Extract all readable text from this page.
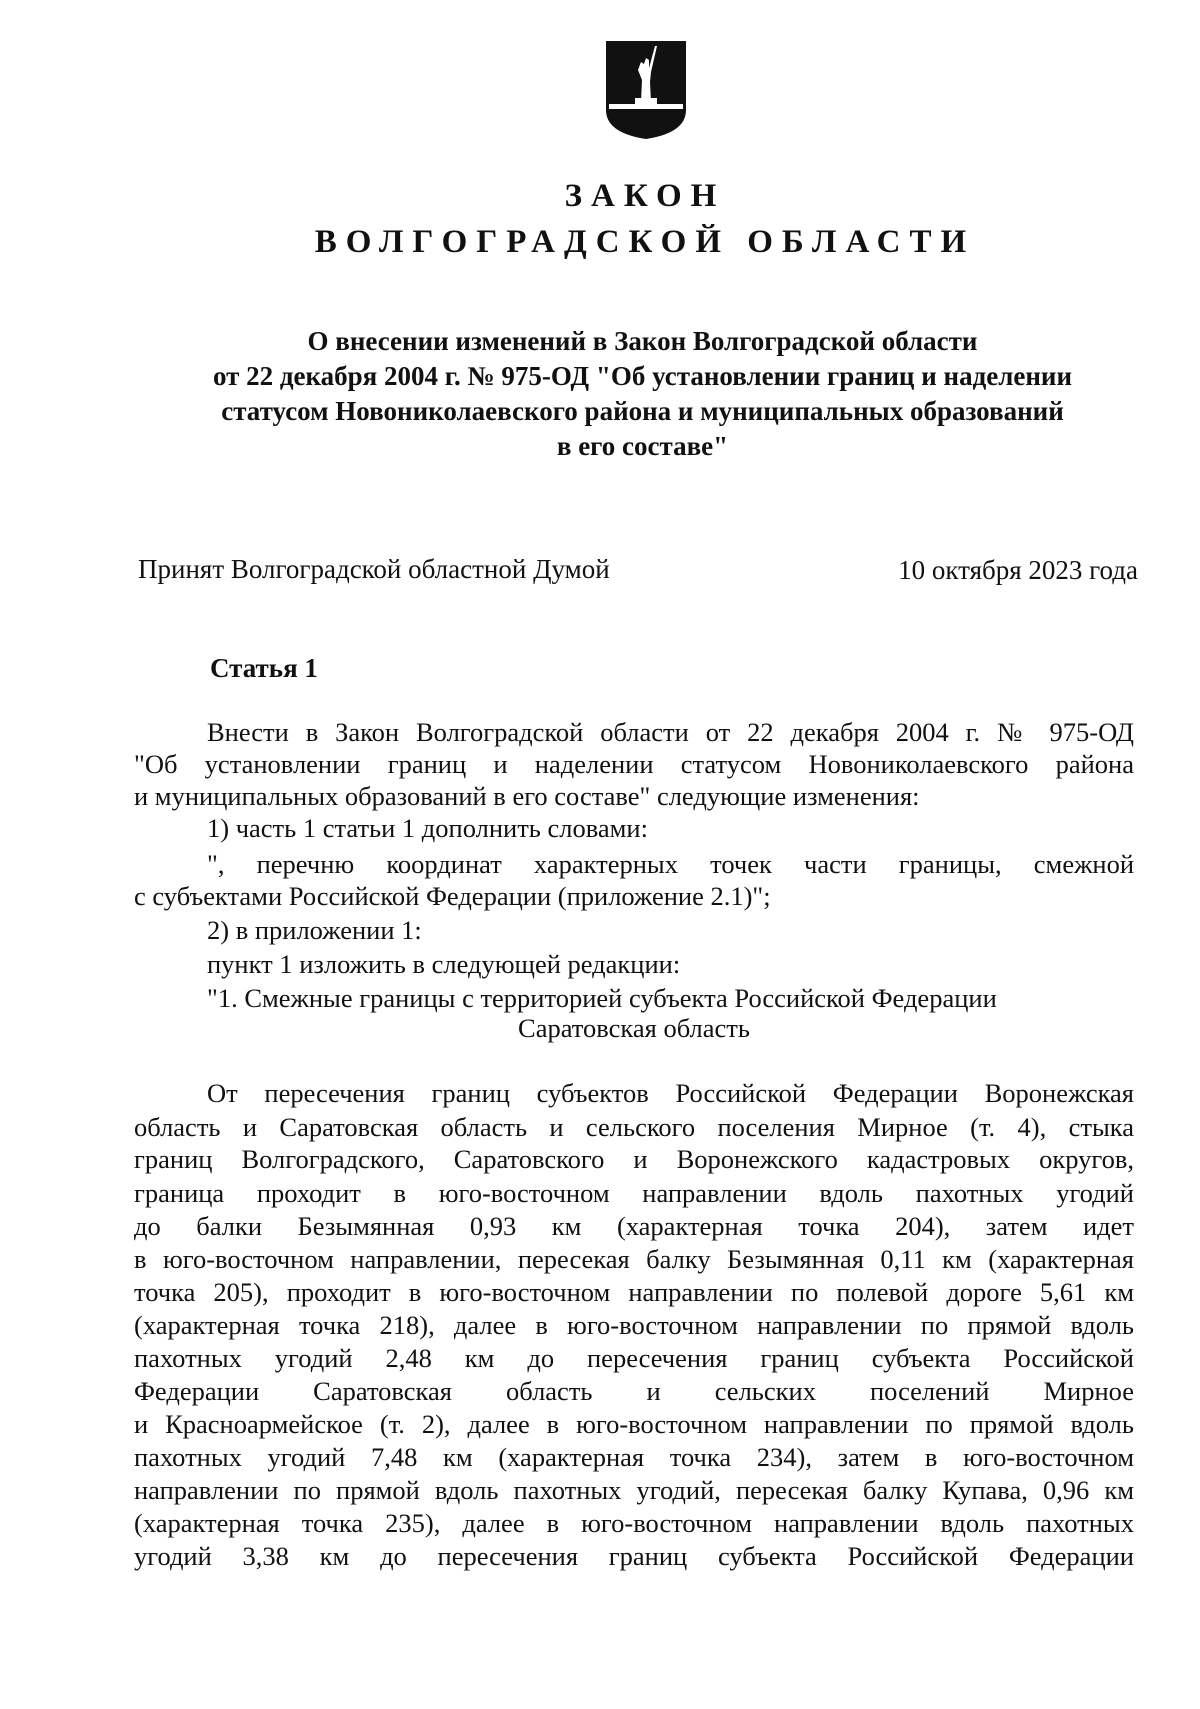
ЗАКОН
ВОЛГОГРАДСКОЙ ОБЛАСТИ
О внесении изменений в Закон Волгоградской области
от 22 декабря 2004 г. № 975-ОД "Об установлении границ и наделении
статусом Новониколаевского района и муниципальных образований
в его составе"
Принят Волгоградской областной Думой	10 октября 2023 года
Статья 1
Внести в Закон Волгоградской области от 22 декабря 2004 г. № 975-ОД
"Об установлении границ и наделении статусом Новониколаевского района
и муниципальных образований в его составе" следующие изменения:
1) часть 1 статьи 1 дополнить словами:
", перечню координат характерных точек части границы, смежной
с субъектами Российской Федерации (приложение 2.1)";
2) в приложении 1:
пункт 1 изложить в следующей редакции:
"1. Смежные границы с территорией субъекта Российской Федерации
Саратовская область
От пересечения границ субъектов Российской Федерации Воронежская
область и Саратовская область и сельского поселения Мирное (т. 4), стыка
границ Волгоградского, Саратовского и Воронежского кадастровых округов,
граница проходит в юго-восточном направлении вдоль пахотных угодий
до балки Безымянная 0,93 км (характерная точка 204), затем идет
в юго-восточном направлении, пересекая балку Безымянная 0,11 км (характерная
точка 205), проходит в юго-восточном направлении по полевой дороге 5,61 км
(характерная точка 218), далее в юго-восточном направлении по прямой вдоль
пахотных угодий 2,48 км до пересечения границ субъекта Российской
Федерации Саратовская область и сельских поселений Мирное
и Красноармейское (т. 2), далее в юго-восточном направлении по прямой вдоль
пахотных угодий 7,48 км (характерная точка 234), затем в юго-восточном
направлении по прямой вдоль пахотных угодий, пересекая балку Купава, 0,96 км
(характерная точка 235), далее в юго-восточном направлении вдоль пахотных
угодий 3,38 км до пересечения границ субъекта Российской Федерации
